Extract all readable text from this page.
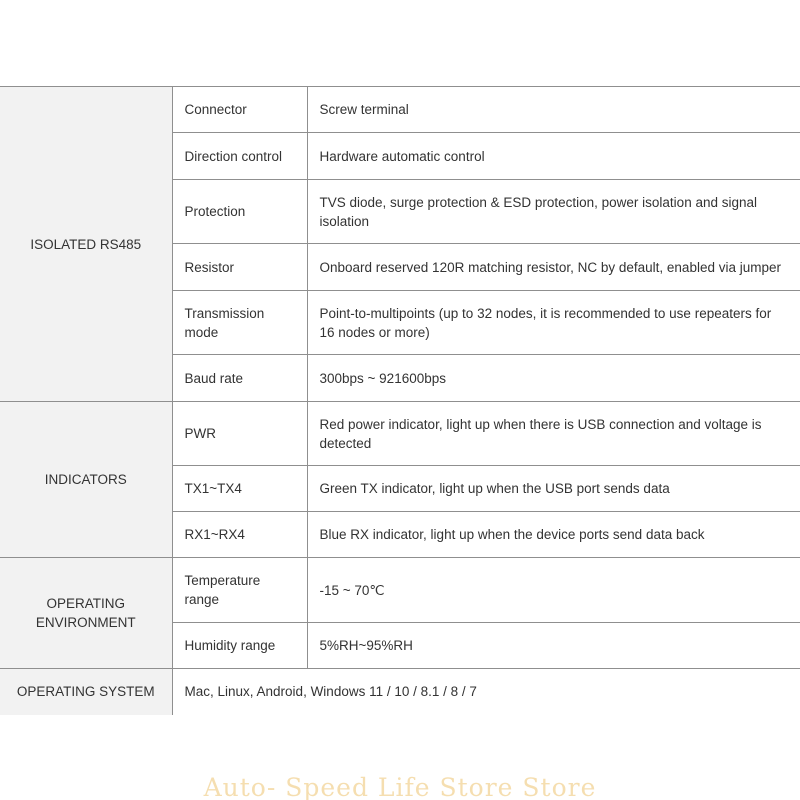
ISOLATED RS485	Connector	Screw terminal
	Direction control	Hardware automatic control
	Protection	TVS diode, surge protection & ESD protection, power isolation and signal isolation
	Resistor	Onboard reserved 120R matching resistor, NC by default, enabled via jumper
	Transmission mode	Point-to-multipoints (up to 32 nodes, it is recommended to use repeaters for 16 nodes or more)
	Baud rate	300bps ~ 921600bps
INDICATORS	PWR	Red power indicator, light up when there is USB connection and voltage is detected
	TX1~TX4	Green TX indicator, light up when the USB port sends data
	RX1~RX4	Blue RX indicator, light up when the device ports send data back
OPERATING ENVIRONMENT	Temperature range	-15 ~ 70℃
	Humidity range	5%RH~95%RH
OPERATING SYSTEM	Mac, Linux, Android, Windows 11 / 10 / 8.1 / 8 / 7	
Auto- Speed Life Store Store
